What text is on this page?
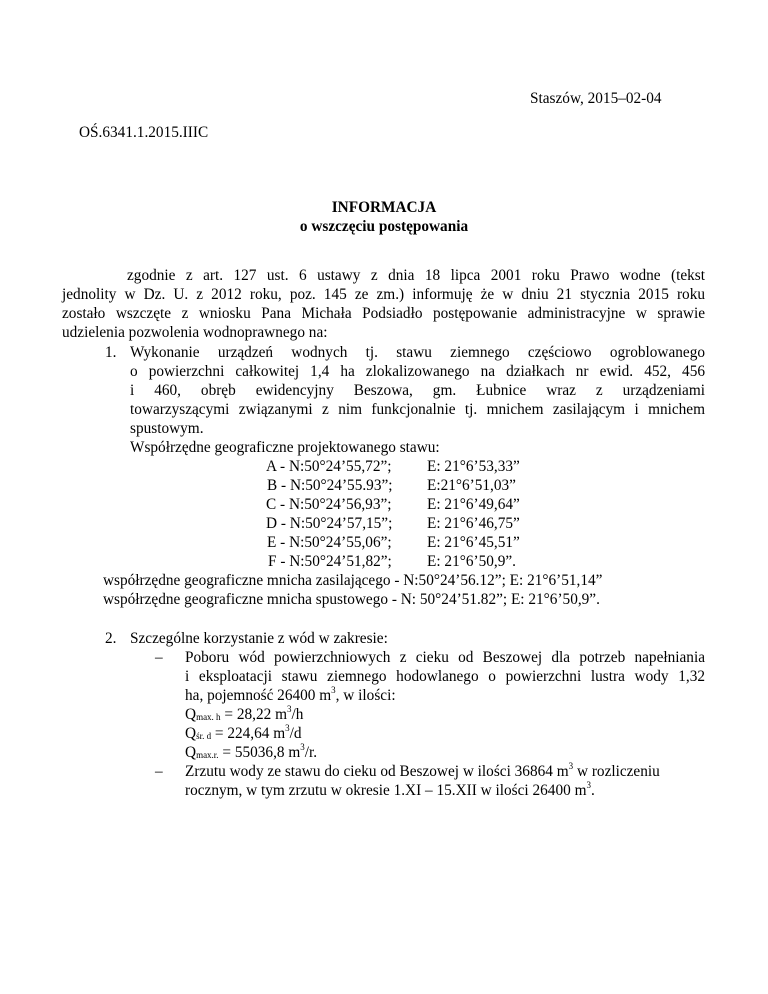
Staszów, 2015–02-04
OŚ.6341.1.2015.IIIC
INFORMACJA
o wszczęciu postępowania
zgodnie z art. 127 ust. 6 ustawy z dnia 18 lipca 2001 roku Prawo wodne (tekst
jednolity w Dz. U. z 2012 roku, poz. 145 ze zm.) informuję że w dniu 21 stycznia 2015 roku
zostało wszczęte z wniosku Pana Michała Podsiadło postępowanie administracyjne w sprawie
udzielenia pozwolenia wodnoprawnego na:
1. Wykonanie urządzeń wodnych tj. stawu ziemnego częściowo ogroblowanego
o powierzchni całkowitej 1,4 ha zlokalizowanego na działkach nr ewid. 452, 456
i 460, obręb ewidencyjny Beszowa, gm. Łubnice wraz z urządzeniami
towarzyszącymi związanymi z nim funkcjonalnie tj. mnichem zasilającym i mnichem
spustowym.
Współrzędne geograficzne projektowanego stawu:
A - N:50°24’55,72”; E: 21°6’53,33”
B - N:50°24’55.93”; E:21°6’51,03”
C - N:50°24’56,93”; E: 21°6’49,64”
D - N:50°24’57,15”; E: 21°6’46,75”
E - N:50°24’55,06”; E: 21°6’45,51”
F - N:50°24’51,82”; E: 21°6’50,9”.
współrzędne geograficzne mnicha zasilającego - N:50°24’56.12”; E: 21°6’51,14”
współrzędne geograficzne mnicha spustowego - N: 50°24’51.82”; E: 21°6’50,9”.
2. Szczególne korzystanie z wód w zakresie:
– Poboru wód powierzchniowych z cieku od Beszowej dla potrzeb napełniania
i eksploatacji stawu ziemnego hodowlanego o powierzchni lustra wody 1,32
ha, pojemność 26400 $m^3$, w ilości:
$Q_{max. h} = 28,22$ $m^3/h$
$Q_{śr. d} = 224,64$ $m^3/d$
$Q_{max.r.} = 55036,8$ $m^3/r$.
– Zrzutu wody ze stawu do cieku od Beszowej w ilości 36864 $m^3$ w rozliczeniu
rocznym, w tym zrzutu w okresie 1.XI – 15.XII w ilości 26400 $m^3$.
